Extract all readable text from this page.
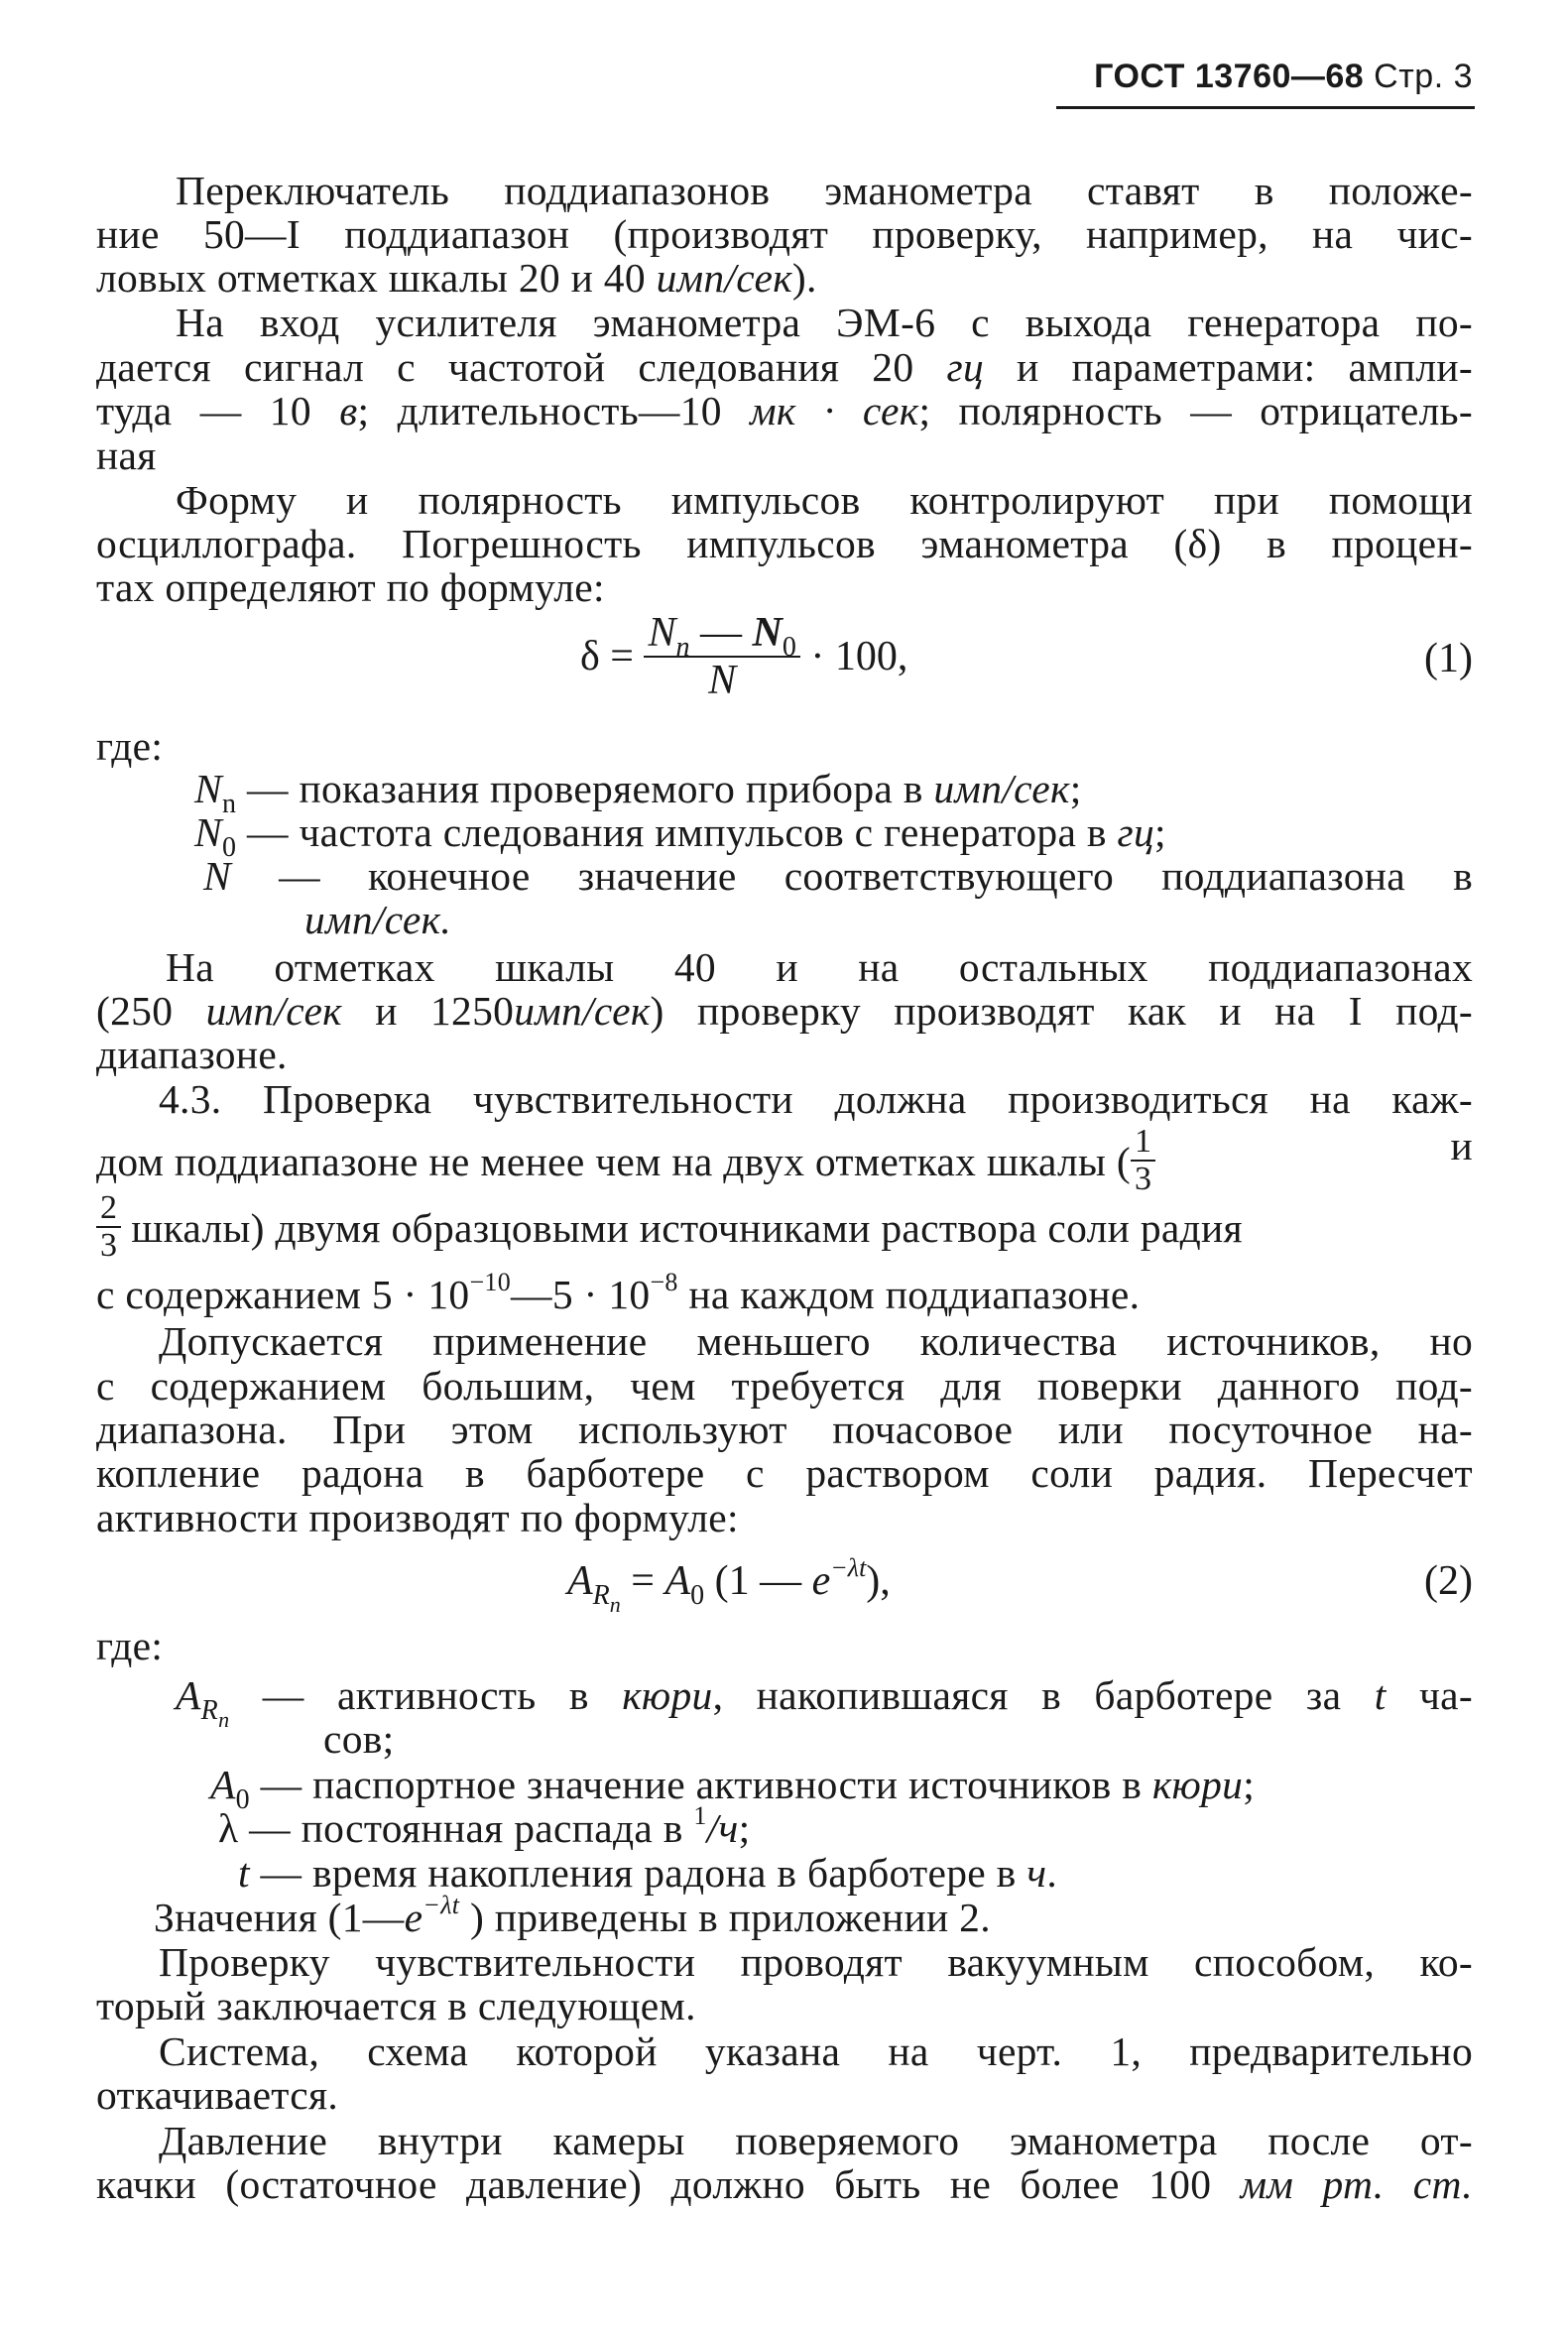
ГОСТ 13760—68 Стр. 3
Переключатель поддиапазонов эманометра ставят в положе-
ние 50—I поддиапазон (производят проверку, например, на чис-
ловых отметках шкалы 20 и 40 имп/сек).
На вход усилителя эманометра ЭМ-6 с выхода генератора по-
дается сигнал с частотой следования 20 гц и параметрами: ампли-
туда — 10 в; длительность—10 мк · сек; полярность — отрицатель-
ная
Форму и полярность импульсов контролируют при помощи
осциллографа. Погрешность импульсов эманометра (δ) в процен-
тах определяют по формуле:
$\delta = \frac{N_n — N_0}{N} \cdot 100$,	(1)
где:
$N_n$ — показания проверяемого прибора в имп/сек;
$N_0$ — частота следования импульсов с генератора в гц;
N — конечное значение соответствующего поддиапазона в
имп/сек.
На отметках шкалы 40 и на остальных поддиапазонах
(250 имп/сек и 1250имп/сек) проверку производят как и на I под-
диапазоне.
4.3. Проверка чувствительности должна производиться на каж-
дом поддиапазоне не менее чем на двух отметках шкалы ( $\frac{1}{3}$	и
$\frac{2}{3}$ шкалы) двумя образцовыми источниками раствора соли радия
с содержанием $5 \cdot 10^{-10}—5 \cdot 10^{-8}$ на каждом поддиапазоне.
Допускается применение меньшего количества источников, но
с содержанием большим, чем требуется для поверки данного под-
диапазона. При этом используют почасовое или посуточное на-
копление радона в барботере с раствором соли радия. Пересчет
активности производят по формуле:
$A_{Rn} = A_0$ (1 — $e^{-\lambda t}$),	(2)
где:
$A_{Rn}$ — активность в кюри, накопившаяся в барботере за t ча-
сов;
$A_0$ — паспортное значение активности источников в кюри;
λ — постоянная распада в $^1$/ч;
t — время накопления радона в барботере в ч.
Значения ($1—e^{-\lambda t}$ ) приведены в приложении 2.
Проверку чувствительности проводят вакуумным способом, ко-
торый заключается в следующем.
Система, схема которой указана на черт. 1, предварительно
откачивается.
Давление внутри камеры поверяемого эманометра после от-
качки (остаточное давление) должно быть не более 100 мм рт. ст.
